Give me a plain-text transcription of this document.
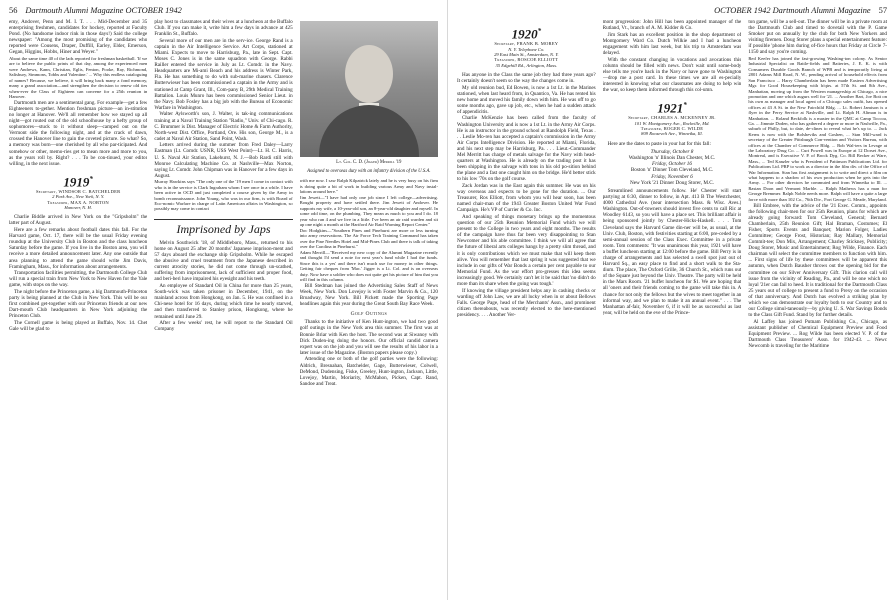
56 Dartmouth Alumni Magazine OCTOBER 1942

emy, Andover, Penn and M. I. T. . . . Mid-December and 35 enterprising freshmen, candidates for hockey, reported at Faculty Pond. (No handsome indoor rink in those days!) Said the college newspaper: "Among the most promising of the candidates who reported were Cousens, Draper, Duffill, Earley, Elder, Emerson, Gegan, Higgins, Hobbs, Hiner and Weyer."

About the same time 40 of the lads reported for freshman basketball. 'If we are to believe the public prints of that day, among the experienced men were Andrews, Kann, Christian, Eglis, Fenton, Pooke, Ray, Richmond, Salisbury, Simmons, Tobbs and Valentine.' ... Why this endless cataloguing of names? Because, we believe, it will bring back many a fond memory, many a grand association—and strengthen the decision to renew old ties when-ever the Class of Eighteen can convene for a 25th reunion in Hanover.

Dartmouth men are a sentimental gang. For example—get a few Eighteeners to-gether. Mention freshman picture—an in-stitution no longer at Hanover. We'll all remember how we stayed up all night—got routed out of the old schoolhouse by a hefty group of sophomores—stuck to it without sleep—camped out on the Vermont side the following night, and at the crack of dawn, crossed the Hanover line to gain the coveted picture. So what? So, a memory was born—one cherished by all who par-ticipated. And somehow or other, memo-ries get to mean more and more to you, as the years roll by. Right? . . . To be con-tinued, your editor willing, in the next issue.

1919*
Secretary, WINDSOR C. BATCHELDER
2 Park Ave., New York, N. Y.
Treasurer, MAX A. NORTON
Hanover, N. H.

Charlie Biddle arrived in New York on the "Gripsholm" the latter part of August.

Here are a few remarks about football dates this fall. For the Harvard game, Oct. 17, there will be the usual Friday evening roundup at the University Club in Boston and the class luncheon Saturday before the game. If you live in the Boston area, you will receive a more detailed announcement later. Any one outside that area planning to attend the game should write Jim Davis, Framingham, Mass., for information about arrangements.

Transportation facilities permitting, the Dartmouth College Club will run a special train from New York to New Haven for the Yale game, with stops on the way.

The night before the Princeton game, a big Dartmouth-Princeton party is being planned at the Club in New York. This will be our first combined get-together with our Princeton friends at our new Dart-mouth Club headquarters in New York adjoining the Princeton Club.

The Cornell game is being played at Buffalo, Nov. 14. Chet Gale will be glad to

play host to classmates and their wives at a luncheon at the Buffalo Club. If you can make it, write him a few days in advance at 425 Franklin St., Buffalo.

Several more of our men are in the serv-ice. George Rand is a captain in the Air Intelligence Service. Art Corps, stationed at Miami. Expects to move to Harrisburg, Pa., late in Sept. Capt. Moses C. Jones is in the same squadron with George. Rabbi Railler entered the service in July as Lt. Comdr. in the Navy. Headquarters are Mi-ami Beach and his address is Winter Park, Fla. He has something to do with sub-marine chasers. Clarence Butterwieser has been commissioned a captain in the Army and is stationed at Camp Grant, Ill., Com-pany B, 29th Medical Training Battalion. Louis Munro has been commissioned Senior Lieut. in the Navy. Bob Fosley has a big job with the Bureau of Economic Warfare in Washington.

Walter Aylsworth's son, J. Walter, is tak-ing communications training at a Naval Training Station "Radio," Univ. of Chi-cago. R. C. Brummer is Dist. Manager of Electric Home & Farm Authority, North-west Dist. Office, Portland, Ore. His son, George M., is a cadet at Naval Air Station, Sand Point, Wash.

Letters arrived during the summer from Fred Daley—Larry Eastman (Lt. Comdr. USNR, USS West Point)—Lt. H. C. Harris, U. S. Naval Air Station, Lakehurst, N. J.—Bob Rardi still with Monroe Calculating Machine Co. at Nashville—Max Norton, saying Lt. Comdr. John Chipman was in Hanover for a few days in August.

Murray Hawkins says "The only one of the '19 men I come in contact with who is in the service is Clark Ingraham whom I see once in a while. I have been active in OCD and just completed a course given by the Army in bomb reconnaissance. John Young, who was in our firm, is with Board of Eco-nomic Warfare in charge of Latin American affairs in Washington, so possibly may come in contact

Imprisoned by Japs

Melvin Southwick '18, of Middleboro, Mass., returned to his home on August 25 after 20 months' Japanese imprison-ment and 57 days aboard the exchange ship Gripsholm. While he escaped the abusive and cruel treatment from the Japanese described in current atrocity stories, he did not come through un-scathed, suffering from imprisonment, lack of sufficient and proper food, and beri-beri have impaired his eyesight and his teeth.

An employee of Standard Oil in China for more than 25 years, South-wick was taken prisoner in December, 1941, on the mainland across from Hongkong, on Jan. 5. He was confined in a Chi-nese hotel for 16 days, during which time he nearly starved, and then transferred to Stanley prison, Hongkong, where he remained until June 29.

After a few weeks' rest, he will report to the Standard Oil Company

Lt. Col. C. D. (Jigger) Merrill '19
Assigned to overseas duty with an infantry division of the U.S.A.

with me now. I saw Ralph Kilpatrick lately and he is very busy on his firm is doing quite a bit of work in building various Army and Navy instal-lations around here."

Jim Jewett—"I have had only one job since I left college—advertising. Bought property and have settled there. Jim Jewett of Andover. He supports my wife, a 10-year-old son, an 8-year-old daughter and myself. In some odd time, on the plumbing. They mean as much to you and I do. 18 year who ran 4 and we live in a little. I've been an air raid warden and sit up one night a month at the Hartford Air Raid Warning Report Center."

Doc Hodgkins—"Southern Pines and Pinehurst are more or less turning into army reservations. The Air Force Tech Training Command has taken over the Pine Needles Hotel and Mid-Pines Club and there is talk of taking over the Carolina in Pinehurst."

Adam Merrill—"Received my new copy of the Alumni Magazine recently and thought I'd send a note for next year's fund while I had the funds. Since this is a yes' and there isn't much use for money in other things. Getting fair cheques from 'Mac.' Jigger is a Lt. Col. and is on overseas duty. Now have a soldier who does not quite get his picture of him that you will find in this column.

Bill Stedman has joined the Advertising Sales Staff of News Week, New York. Don Lovejoy is with Foster Marvin & Co., 120 Broadway, New York. Bill Pickett made the Sporting Page headlines again this year during the Great South Bay Race Week.

Golf Outings

Thanks to the initiative of Ken Hunt-ington, we had two good golf outings in the New York area this summer. The first was at Bonnie Briar with Ken the host. The second was at Siwanoy with Dick Duden-ing doing the honors. Our official candid camera expert was on the job and you will see the results of his labor in a later issue of the Magazine. (Boston papers please copy.)

Attending one or both of the golf parties were the following: Aldrich, Bresnahan, Batchelder, Gage, Butterwieser, Colwell, DeMond, Dudensing, Fiske, Greeley, Hunt-ington, Jackson, Little, Lovejoy, Martin, Moriarity, McMahon, Picken, Capt. Rand, Sandoe and Treat.

OCTOBER 1942 Dartmouth Alumni Magazine 57
1920*
Secretary, FRANK B. MOREY
N. Y. Telephone Co.
29 East Main St., Amsterdam, N. Y.
Treasurer, ROSCOE ELLIOTT
35 Edgehill Rd., Arlington, Mass.

Has anyone in the Class the same job they had three years ago? It certainly doesn't seem so the way the changes come in.

My old reunion bud, Ed Bowen, is now a 1st Lt. in the Marines stationed, when last heard from, in Quantico, Va. He has rented his new home and moved his family down with him. He was off to go some months ago, gave up job, etc., when he had a sudden attack of appendicitis.

Charlie McKenzie has been called from the faculty of Washington University and is now a 1st Lt. in the Army Air Corps. He is an instructor in the ground school at Randolph Field, Texas . . . Leslie Mo-ren has accepted a captain's commission in the Army Air Corps Intelligence Division. He reported at Miami, Florida, and his next step may be Harrisburg, Pa. . . . Lieut.-Commander Mel Merritt has charge of metals salvage for the Navy with head-quarters at Washington. He is already on the trading post it has been shipping in the salvage with tons in his old po-sition behind the plane and a fast one caught him on the bridge. He'd better stick to his low '70s on the golf course.

Zack Jordan was in the East again this summer. He was on his way overseas and expects to be gone for the duration. ... Our Treasurer, Ros Elliott, from whom you will hear soon, has been named chair-man of the 1943 Greater Boston United War Fund Campaign. He's VP of Currier & Co. Inc.

And speaking of things monetary brings up the momentous question of our 25th Reunion Memorial Fund which we will present to the College in two years and eight months. The results of the campaign have thus far been very disappointing to Stan Newcomer and his able committee. I think we will all agree that the future of liberal arts colleges hangs by a pretty slim thread, and it is only contributions which we must make that will keep them alive. You will remember that last spring it was suggested that we include in our gifts of War Bonds a certain per cent payable to our Memorial Fund. As the war effort pro-gresses this idea seems increasingly good. We certainly can't let it be said that 'no didn't do more than its share when the going was tough.'

If knowing the village president helps any in cashing checks or warding off John Law, we are all lucky when in or about Bellows Falls. George Page, head of the Merchants' Assn., and prominent citizen thereabouts, was recently elected to the here-mentioned presidency. . . . Another Ver-

mont progression: John Hill has been appointed manager of the Rutland, Vt., branch of A. M. Kidder & Co.

Jim Stark has an excellent position in the shop department of Montgomery Ward Co. Dutch Wilkie and I had a luncheon engagement with him last week, but his trip to Amsterdam was delayed.

With the constant changing in vocations and avocations this column should be filled with news. Don't wait until some-body else tells me you're back in the Navy or have gone to Washington—drop me a post card. In these times we are all es-pecially interested in knowing what our classmates are doing to help win the war, so keep them informed through this col-umn.

1921*
Secretary, CHARLES A. MCKENNEY JR.
101 W. Montgomery Ave., Rockville, Md.
Treasurer, ROGER C. WILDE
809 Roosevelt Ave., Winnetka, Ill.

Here are the dates to paste in your hat for this fall:

Thursday, October 8
Washington 'n' Illinois Dan Chester, M.C.
Friday, October 16
Boston 'n' Dinner Tom Cleveland, M.C.
Friday, November 6
New York '21 Dinner Doug Storer, M.C.

Streamlined announcements follow. He' Chester will start partying at 6:30, dinner to follow, in Apt. 413 B The Westchester, 4000 Cathedral Ave. (near intersection Mass. & Wisc. Aves.) Washington. Out-of-towners should invest five cents to call Ric at Woodley 6143, so you will have a place set. This brilliant affair is being sponsored jointly by Chester-Hicks-Haskell. . . . Tom Cleveland says the Harvard Game din-ner will be, as usual, at the Univ. Club, Boston, with festivities starting at 6:00, pre-ceded by a semi-annual session of the Class Exec. Committee in a private room. Tom comments: "It was unanimous this year, 1921 will have a buffet luncheon starting at 12:00 before the game. Bill Perry is in charge of arrangements and has selected a swell spot just out of Harvard Sq., an easy place to find and a short walk to the Sta-dium. The place, The Oxford Grille, 36 Church St., which runs out of the Square just beyond the Univ. Theatre. The party will be held in the Mars Room. '21 buffet luncheon for $1. We are hoping that all 'oners and their friends coming to the game will take this in. A chance for not only the fellows but the wives to meet together in an informal way, and we plan to make it an annual event." . . . The Manhattan af-fair, November 6, if it will be as successful as last year, will be held on the eve of the Prince-

ton game, will be a sell-out. The dinner will be in a private room at the Dartmouth Club and timed to dovetail with the P. Game Smoker put on annually by the club for both New Yorkers and visiting firemen. Doug Storer plans a special entertainment feature: if possible 'phone him during of-fice hours that Friday at Circle 7-1150 and say you're coming.

Red Keefer has joined the fast-growing Washing-ton colony. As Senior Industrial Specialist on Battle-fields and Batteries, J. E. K. is with Consumers Durable Goods Branch of WPB and is temporarily living at 2801 Adams Mill Road, N. W., pending arrival of household effects from San Francisco ... Harry Chamberlain has been made Eastern Advertising Mgr. for Good Housekeeping with h/qtrs. at 57th St. and 8th Ave., Manhattan, moving up from the Western managership at Chicago, a nice promotion and one which augurs well for '21. ... Another Bart, Joe Bott on his own as manager and local agent of a Chicago sales outfit, has opened offices at 43 A St. in the New Fairchild Bldg. ... Lt. Robert Jamison is a flyer in the Ferry Service at Nashville, and Lt. Ralph H. Altman is in Manhattan. ... Roland Beckfolk is a master in the QMC at Camp Toccoa, Ga. ... Jimmie Doden, who has gathered a degree or more in Nashville, Pa., suburb of Philly, but, to date, de-clines to reveal what he's up to. ... Jack Kerns is now with the Bolsheviks and Goshen, ... Stan Mill-ward is secretary of the Greater Pittsburgh Con-vention and Visitors Bureau, with offices at the Chamber of Commerce Bldg. ... Bob Wal-ters in Levage at the Laboratory Drug Co. ... Curt Powell was in Europe at 12 Dorset Ave., Montreal, and is Executive V. P. of Brock Dyg. Co. Bill Becker at Ware, Mass., ... Ted Kanzler who is President of Pattinson Publications Ltd. for Publications Ltd. PRP to work as a director in the film div. of the Office of War Information. Stan has first assignment is to write and direct a film on what happens to a shadow of his own production when he gets into the Army. ... For other directors he commuted and from Winnetka to Ill. ... Rastan Doon and Vermont Marble. ... Ralph Mathews has a man for George Bremmer. Ralph Noble needs more. Ralph will have a quite a large force with more than 102 Co., 76th Div., Fort George G. Meade, Maryland.

Bill Embree, with the advice of the '21 Exec. Comm., appoints the following chair-men for our 25th Reunion, plans for which are already going forward: Tom Cleveland, General; Bernard Chamberlain, 25th Reunion Gift; Hal Braman, Costumes; El Fisher, Sports Events and Banquet; Marion Folger, Ladies Committee; George Frost, Historian; Ray Mallary, Memorial Commit-tee; Don Mix, Arrangement; Charley Stickney, Publicity; Doug Storer, Music and Entertainment; Rog Wilde, Finance. Each chairman will select the committee members to function with him. ... First signs of life by these committees will be apparent this autumn, when Dutch Bausher throws out the opening bid for the committee on our Silver Anniversary Gift. This clarion call will issue from the vicinity of Reading, Pa., and will be one which no loyal '21er can fail to heed. It is traditional for the Dartmouth Class 25 years out of college to present a fund to Prexy on the occasion of that anniversary. And Dutch has evolved a striking plan by which we can demonstrate our loyalty both to our Country and to our College simul-taneously—by giving U. S. War Savings Bonds to the Class Gift Fund. Stand by for further details.

Al Laffey has joined Putnam Publishing Co., Chicago, as assistant publisher of Chemical Equipment Preview and Food Equipment Preview. ... Rog Wilde has been elected V. P. of the Dartmouth Class Treasurers' Assn. for 1942-43. ... Newc Newcomb is traveling for the Maritime
